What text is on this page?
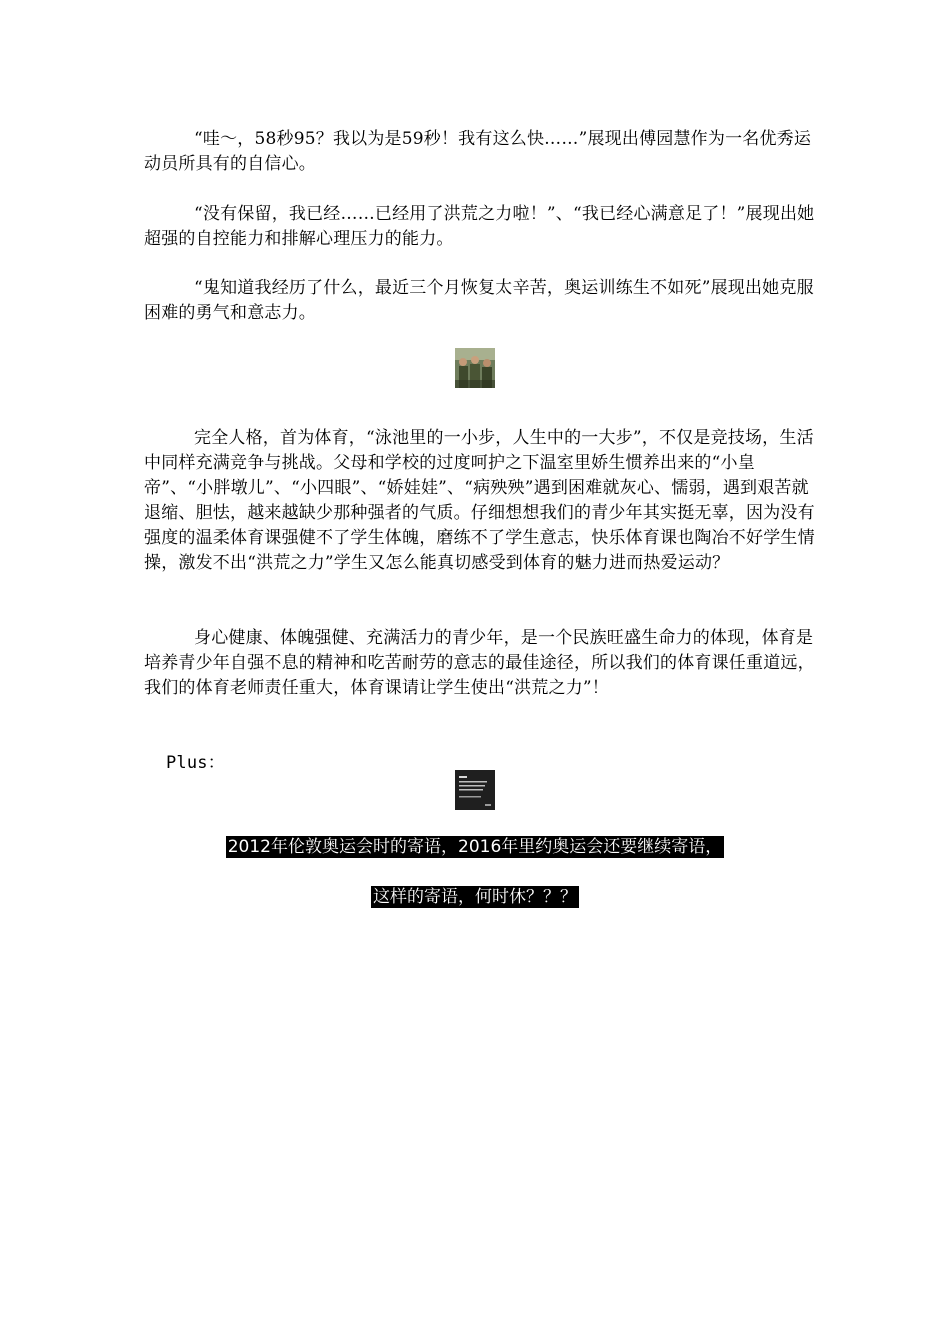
“哇～，58秒95？我以为是59秒！我有这么快……”展现出傅园慧作为一名优秀运动员所具有的自信心。
“没有保留，我已经……已经用了洪荒之力啦！”、“我已经心满意足了！”展现出她超强的自控能力和排解心理压力的能力。
“鬼知道我经历了什么，最近三个月恢复太辛苦，奥运训练生不如死”展现出她克服困难的勇气和意志力。
完全人格，首为体育，“泳池里的一小步，人生中的一大步”，不仅是竞技场，生活中同样充满竞争与挑战。父母和学校的过度呵护之下温室里娇生惯养出来的“小皇帝”、“小胖墩儿”、“小四眼”、“娇娃娃”、“病殃殃”遇到困难就灰心、懦弱，遇到艰苦就退缩、胆怯，越来越缺少那种强者的气质。仔细想想我们的青少年其实挺无辜，因为没有强度的温柔体育课强健不了学生体魄，磨练不了学生意志，快乐体育课也陶冶不好学生情操，激发不出“洪荒之力”学生又怎么能真切感受到体育的魅力进而热爱运动？
身心健康、体魄强健、充满活力的青少年，是一个民族旺盛生命力的体现，体育是培养青少年自强不息的精神和吃苦耐劳的意志的最佳途径，所以我们的体育课任重道远，我们的体育老师责任重大，体育课请让学生使出“洪荒之力”！
Plus：
2012年伦敦奥运会时的寄语，2016年里约奥运会还要继续寄语，
这样的寄语，何时休？？？
